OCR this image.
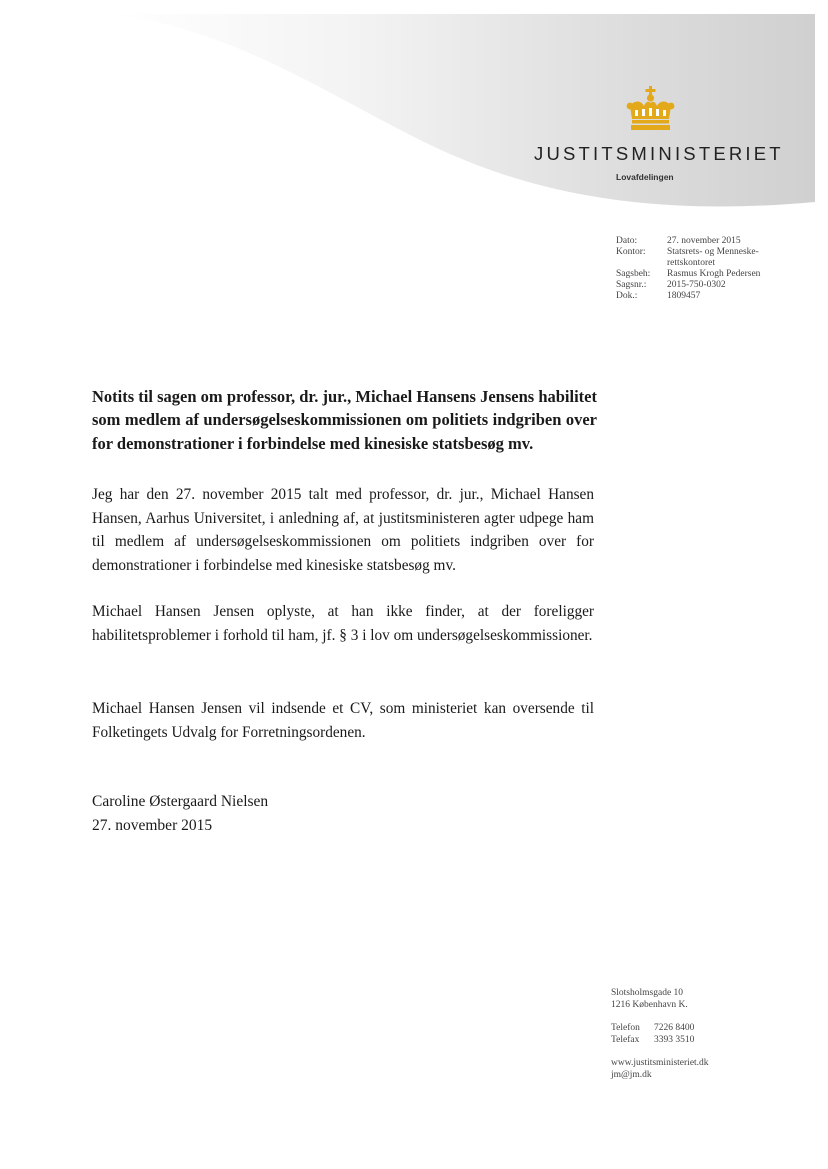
JUSTITSMINISTERIET
Lovafdelingen
Dato:	27. november 2015
Kontor:	Statsrets- og Menneske-rettskontoret
Sagsbeh:	Rasmus Krogh Pedersen
Sagsnr.:	2015-750-0302
Dok.:	1809457

Notits til sagen om professor, dr. jur., Michael Hansens Jensens habilitet som medlem af undersøgelseskommissionen om politiets indgriben over for demonstrationer i forbindelse med kinesiske statsbesøg mv.

Jeg har den 27. november 2015 talt med professor, dr. jur., Michael Hansen Hansen, Aarhus Universitet, i anledning af, at justitsministeren agter udpege ham til medlem af undersøgelseskommissionen om politiets indgriben over for demonstrationer i forbindelse med kinesiske statsbesøg mv.

Michael Hansen Jensen oplyste, at han ikke finder, at der foreligger habilitetsproblemer i forhold til ham, jf. § 3 i lov om undersøgelseskommissioner.

Michael Hansen Jensen vil indsende et CV, som ministeriet kan oversende til Folketingets Udvalg for Forretningsordenen.

Caroline Østergaard Nielsen
27. november 2015
Slotsholmsgade 10
1216 København K.
Telefon 7226 8400
Telefax 3393 3510
www.justitsministeriet.dk
jm@jm.dk
